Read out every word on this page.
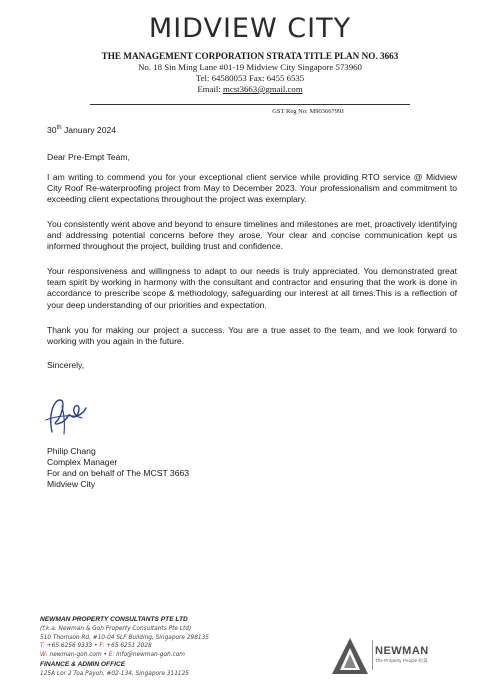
MIDVIEW CITY
THE MANAGEMENT CORPORATION STRATA TITLE PLAN NO. 3663
No. 18 Sin Ming Lane #01-19 Midview City Singapore 573960
Tel: 64580053 Fax: 6455 6535
Email: mcst3663@gmail.com
GST Reg No: M90366799J
30th January 2024
Dear Pre-Empt Team,
I am writing to commend you for your exceptional client service while providing RTO service @ Midview City Roof Re-waterproofing project from May to December 2023. Your professionalism and commitment to exceeding client expectations throughout the project was exemplary.
You consistently went above and beyond to ensure timelines and milestones are met, proactively identifying and addressing potential concerns before they arose. Your clear and concise communication kept us informed throughout the project, building trust and confidence.
Your responsiveness and willingness to adapt to our needs is truly appreciated. You demonstrated great team spirit by working in harmony with the consultant and contractor and ensuring that the work is done in accordance to prescribe scope & methodology, safeguarding our interest at all times.This is a reflection of your deep understanding of our priorities and expectation.
Thank you for making our project a success. You are a true asset to the team, and we look forward to working with you again in the future.
Sincerely,
Philip Chang
Complex Manager
For and on behalf of The MCST 3663
Midview City
NEWMAN PROPERTY CONSULTANTS PTE LTD
(f.k.a. Newman & Goh Property Consultants Pte Ltd)
510 Thomson Rd, #10-04 SLF Building, Singapore 298135
T: +65 6256 9333 • F: +65 6251 2028
W: newman-goh.com • E: info@newman-goh.com
FINANCE & ADMIN OFFICE
125A Lor 2 Toa Payoh, #02-134, Singapore 311125
NEWMAN
The Property People 紐曼
